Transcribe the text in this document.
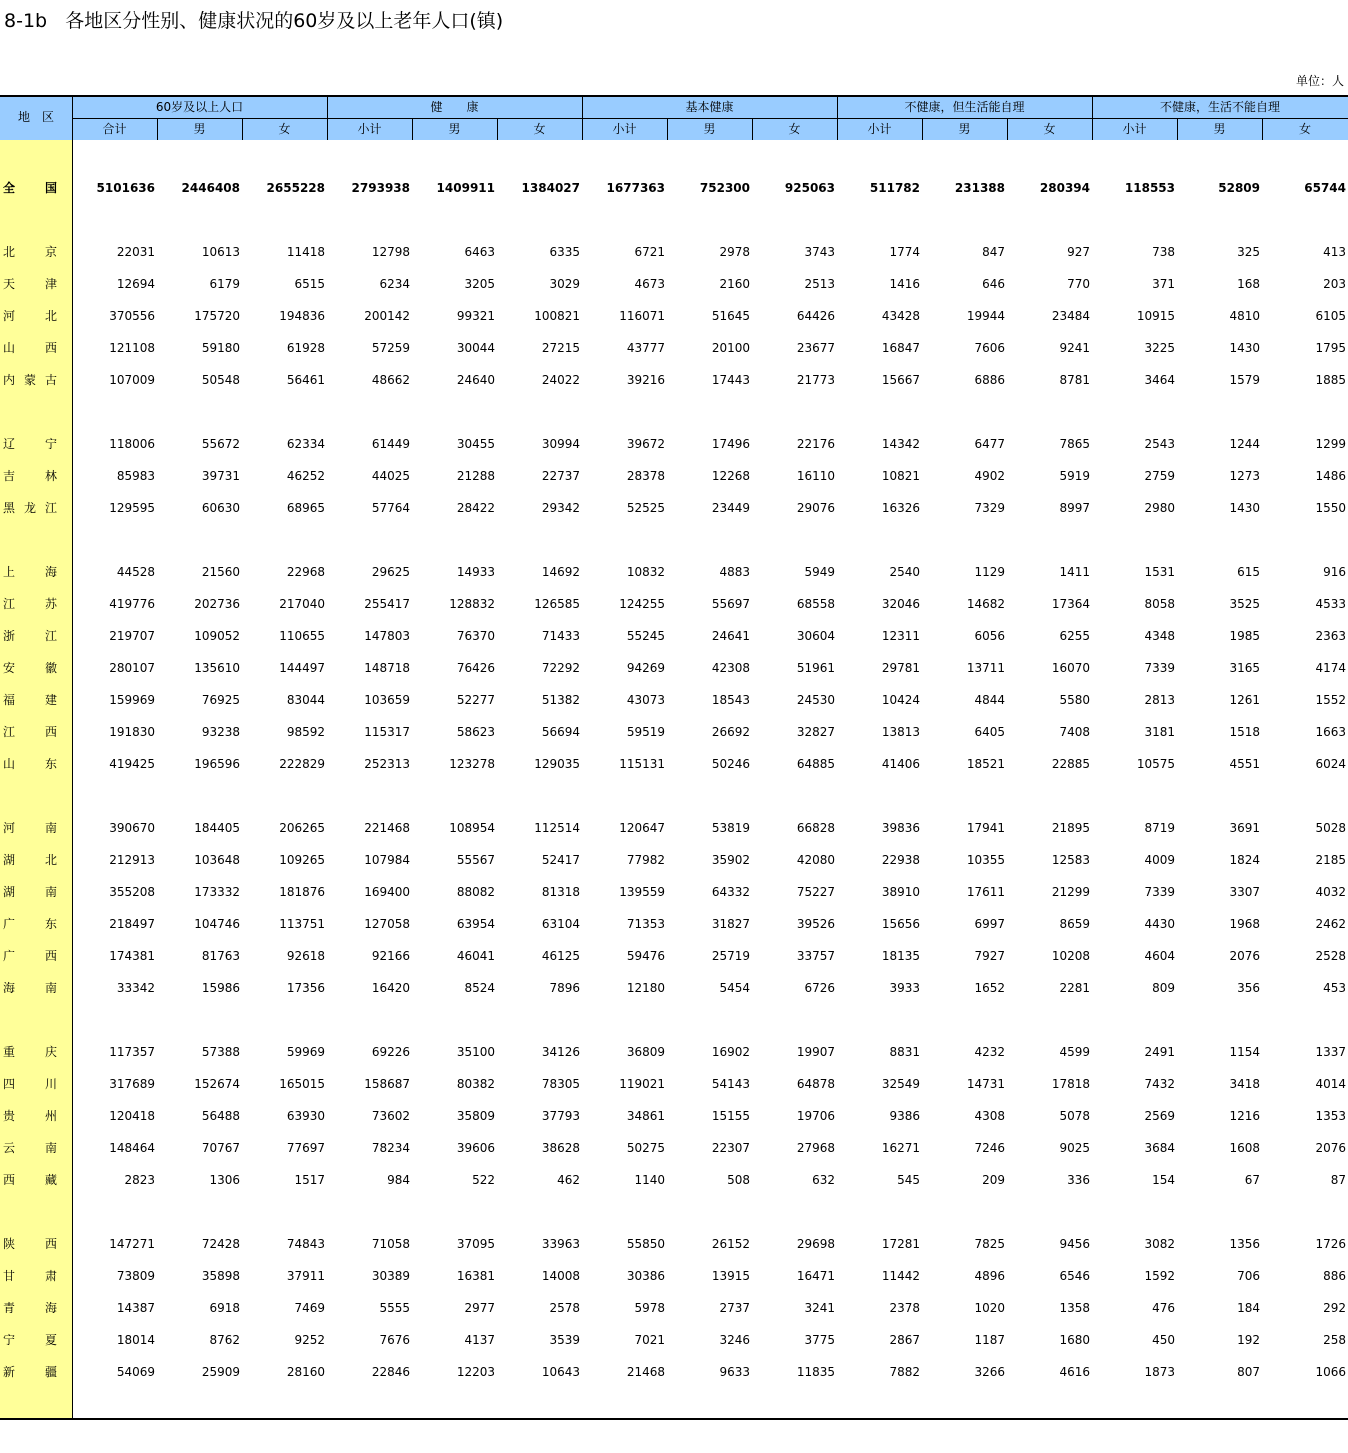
8-1b   各地区分性别、健康状况的60岁及以上老年人口(镇)
单位：人
地　区
60岁及以上人口	健　　康	基本健康	不健康，但生活能自理	不健康，生活不能自理
合计	男	女	小计	男	女	小计	男	女	小计	男	女	小计	男	女
全 国	5101636	2446408	2655228	2793938	1409911	1384027	1677363	752300	925063	511782	231388	280394	118553	52809	65744
北 京	22031	10613	11418	12798	6463	6335	6721	2978	3743	1774	847	927	738	325	413
天 津	12694	6179	6515	6234	3205	3029	4673	2160	2513	1416	646	770	371	168	203
河 北	370556	175720	194836	200142	99321	100821	116071	51645	64426	43428	19944	23484	10915	4810	6105
山 西	121108	59180	61928	57259	30044	27215	43777	20100	23677	16847	7606	9241	3225	1430	1795
内 蒙 古	107009	50548	56461	48662	24640	24022	39216	17443	21773	15667	6886	8781	3464	1579	1885
辽 宁	118006	55672	62334	61449	30455	30994	39672	17496	22176	14342	6477	7865	2543	1244	1299
吉 林	85983	39731	46252	44025	21288	22737	28378	12268	16110	10821	4902	5919	2759	1273	1486
黑 龙 江	129595	60630	68965	57764	28422	29342	52525	23449	29076	16326	7329	8997	2980	1430	1550
上 海	44528	21560	22968	29625	14933	14692	10832	4883	5949	2540	1129	1411	1531	615	916
江 苏	419776	202736	217040	255417	128832	126585	124255	55697	68558	32046	14682	17364	8058	3525	4533
浙 江	219707	109052	110655	147803	76370	71433	55245	24641	30604	12311	6056	6255	4348	1985	2363
安 徽	280107	135610	144497	148718	76426	72292	94269	42308	51961	29781	13711	16070	7339	3165	4174
福 建	159969	76925	83044	103659	52277	51382	43073	18543	24530	10424	4844	5580	2813	1261	1552
江 西	191830	93238	98592	115317	58623	56694	59519	26692	32827	13813	6405	7408	3181	1518	1663
山 东	419425	196596	222829	252313	123278	129035	115131	50246	64885	41406	18521	22885	10575	4551	6024
河 南	390670	184405	206265	221468	108954	112514	120647	53819	66828	39836	17941	21895	8719	3691	5028
湖 北	212913	103648	109265	107984	55567	52417	77982	35902	42080	22938	10355	12583	4009	1824	2185
湖 南	355208	173332	181876	169400	88082	81318	139559	64332	75227	38910	17611	21299	7339	3307	4032
广 东	218497	104746	113751	127058	63954	63104	71353	31827	39526	15656	6997	8659	4430	1968	2462
广 西	174381	81763	92618	92166	46041	46125	59476	25719	33757	18135	7927	10208	4604	2076	2528
海 南	33342	15986	17356	16420	8524	7896	12180	5454	6726	3933	1652	2281	809	356	453
重 庆	117357	57388	59969	69226	35100	34126	36809	16902	19907	8831	4232	4599	2491	1154	1337
四 川	317689	152674	165015	158687	80382	78305	119021	54143	64878	32549	14731	17818	7432	3418	4014
贵 州	120418	56488	63930	73602	35809	37793	34861	15155	19706	9386	4308	5078	2569	1216	1353
云 南	148464	70767	77697	78234	39606	38628	50275	22307	27968	16271	7246	9025	3684	1608	2076
西 藏	2823	1306	1517	984	522	462	1140	508	632	545	209	336	154	67	87
陕 西	147271	72428	74843	71058	37095	33963	55850	26152	29698	17281	7825	9456	3082	1356	1726
甘 肃	73809	35898	37911	30389	16381	14008	30386	13915	16471	11442	4896	6546	1592	706	886
青 海	14387	6918	7469	5555	2977	2578	5978	2737	3241	2378	1020	1358	476	184	292
宁 夏	18014	8762	9252	7676	4137	3539	7021	3246	3775	2867	1187	1680	450	192	258
新 疆	54069	25909	28160	22846	12203	10643	21468	9633	11835	7882	3266	4616	1873	807	1066
